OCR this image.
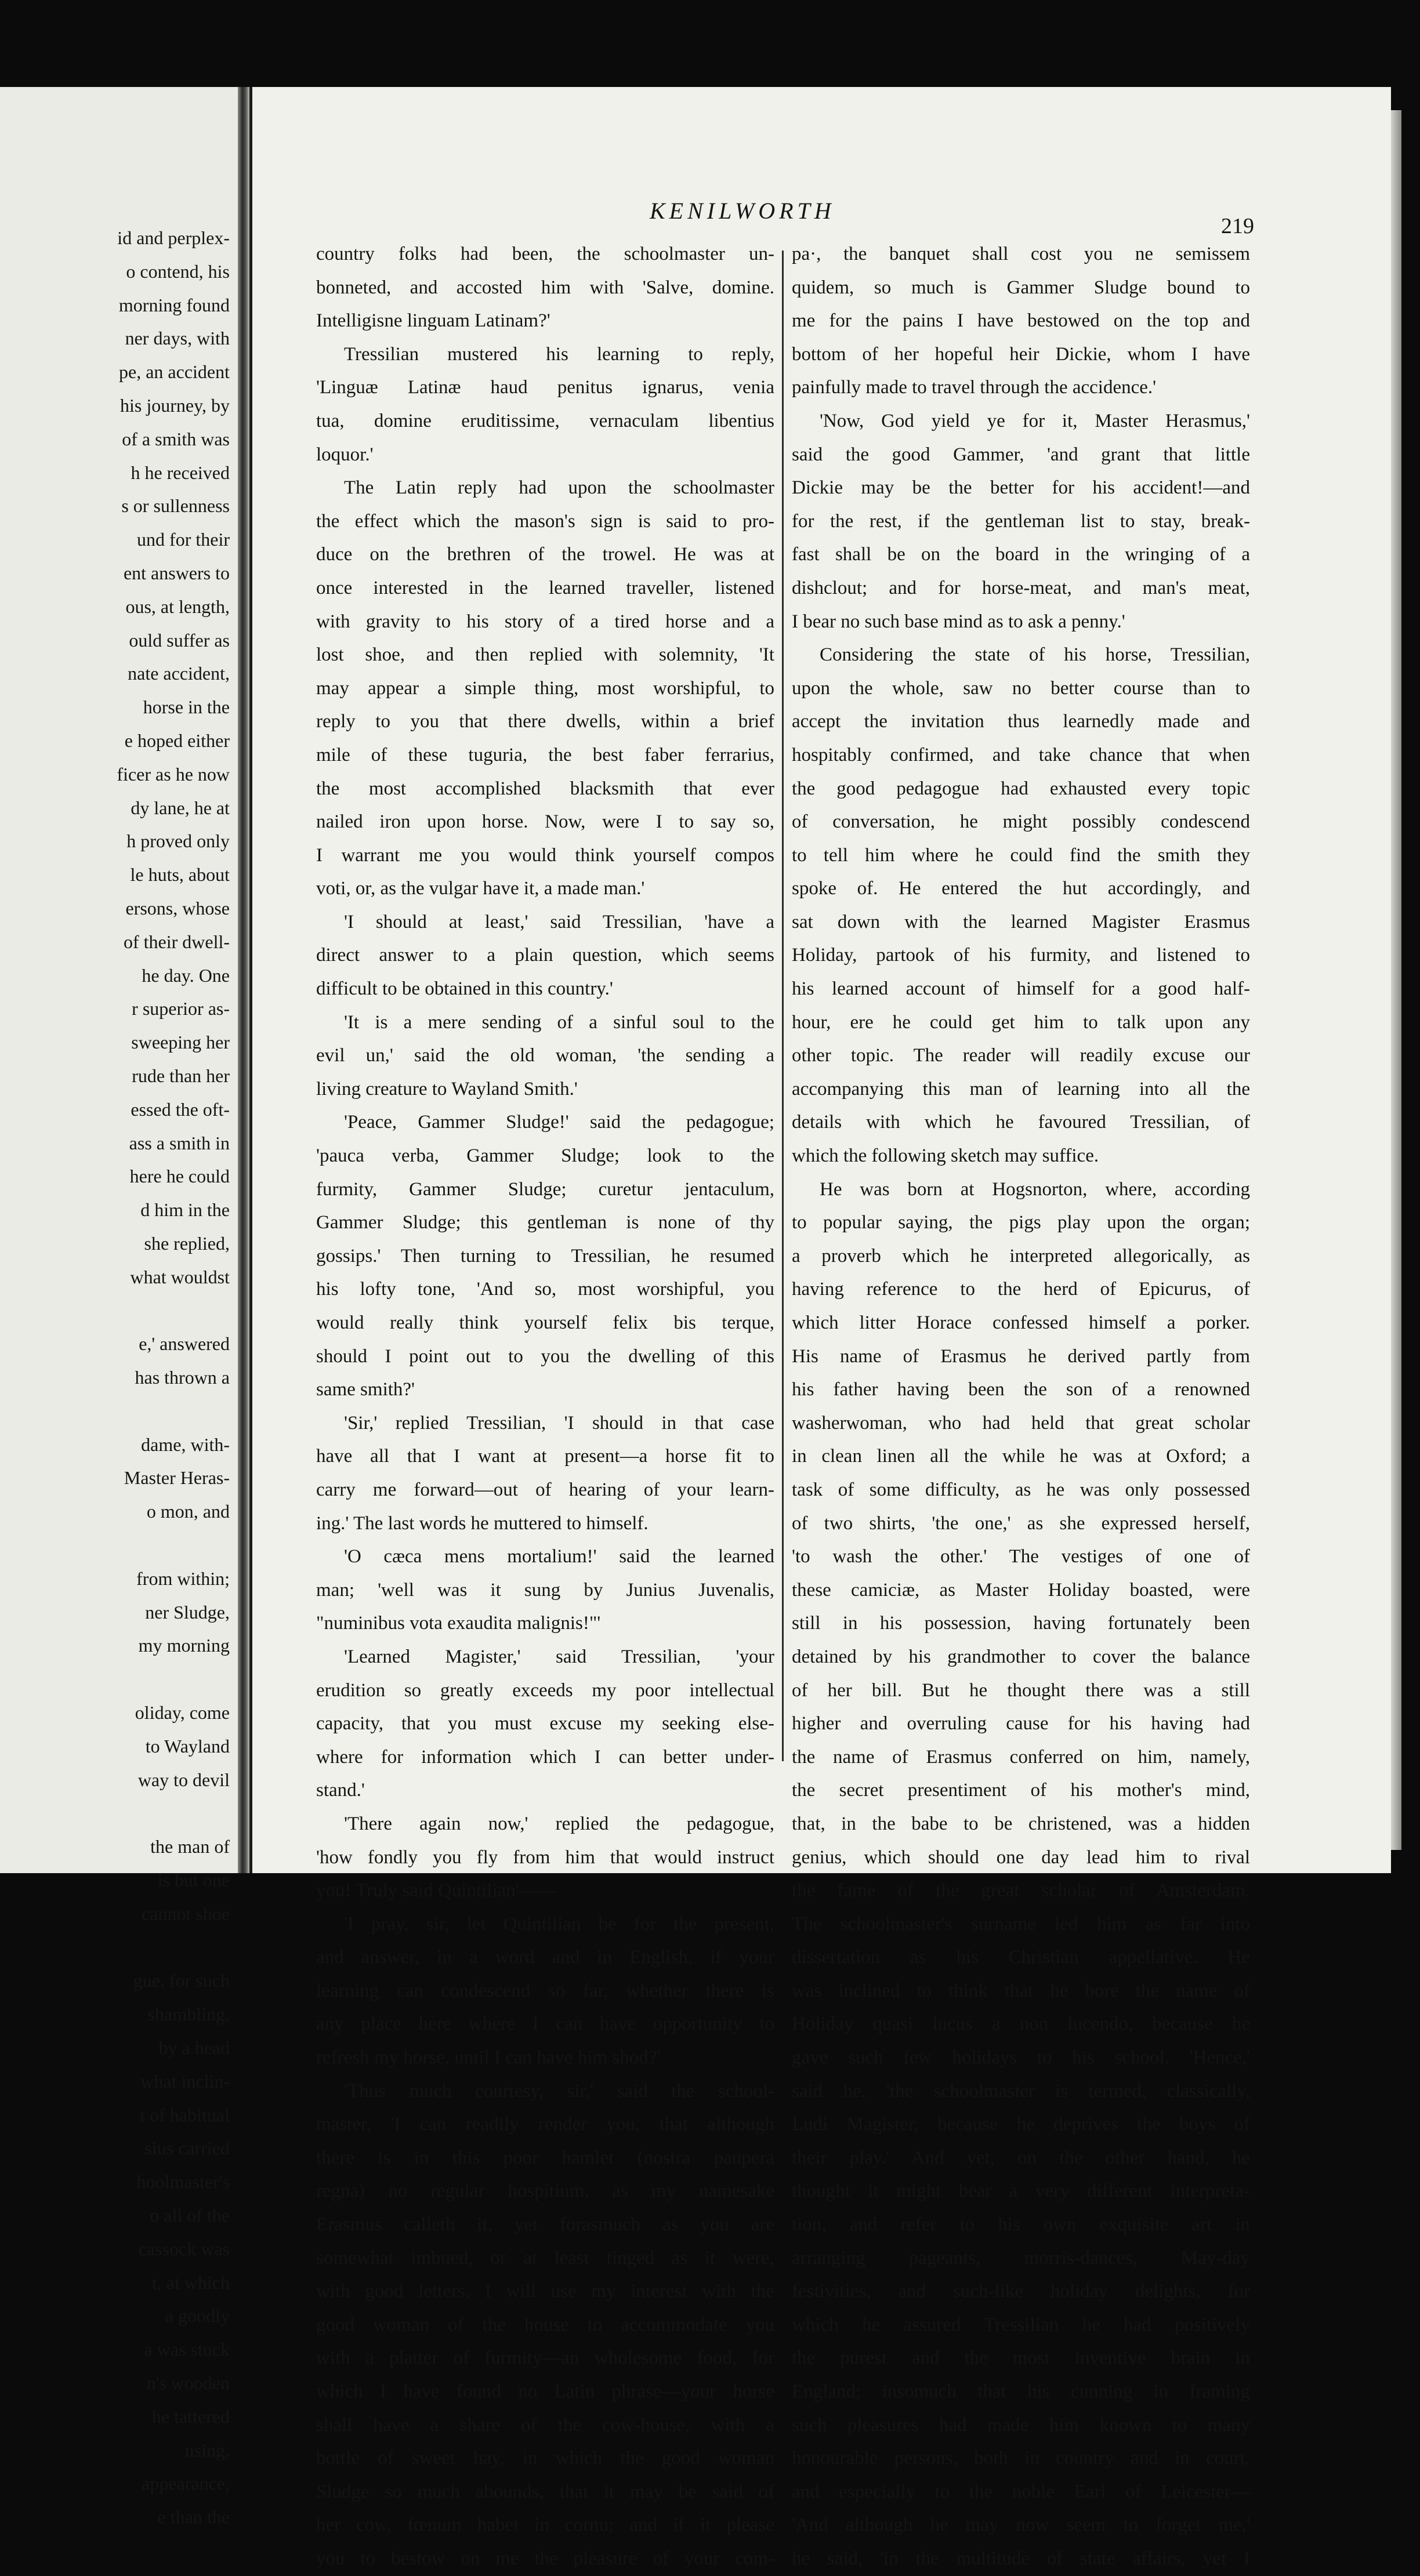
id and perplex-
o contend, his
morning found
ner days, with
pe, an accident
his journey, by
of a smith was
h he received
s or sullenness
und for their
ent answers to
ous, at length,
ould suffer as
nate accident,
horse in the
e hoped either
ficer as he now
dy lane, he at
h proved only
le huts, about
ersons, whose
of their dwell-
he day. One
r superior as-
sweeping her
rude than her
essed the oft-
ass a smith in
here he could
d him in the
she replied,
what wouldst
e,' answered
has thrown a
dame, with-
Master Heras-
o mon, and
from within;
ner Sludge,
my morning
oliday, come
to Wayland
way to devil
the man of
is but one
cannot shoe
gue, for such
shambling,
by a head
what inclin-
t of habitual
sius carried
hoolmaster's
o all of the
cassock was
t, at which
a goodly
a was stuck
n's wooden
he tattered
using.
appearance,
e than the
KENILWORTH
219
country folks had been, the schoolmaster un-
bonneted, and accosted him with 'Salve, domine.
Intelligisne linguam Latinam?'
Tressilian mustered his learning to reply,
'Linguæ Latinæ haud penitus ignarus, venia
tua, domine eruditissime, vernaculam libentius
loquor.'
The Latin reply had upon the schoolmaster
the effect which the mason's sign is said to pro-
duce on the brethren of the trowel. He was at
once interested in the learned traveller, listened
with gravity to his story of a tired horse and a
lost shoe, and then replied with solemnity, 'It
may appear a simple thing, most worshipful, to
reply to you that there dwells, within a brief
mile of these tuguria, the best faber ferrarius,
the most accomplished blacksmith that ever
nailed iron upon horse. Now, were I to say so,
I warrant me you would think yourself compos
voti, or, as the vulgar have it, a made man.'
'I should at least,' said Tressilian, 'have a
direct answer to a plain question, which seems
difficult to be obtained in this country.'
'It is a mere sending of a sinful soul to the
evil un,' said the old woman, 'the sending a
living creature to Wayland Smith.'
'Peace, Gammer Sludge!' said the pedagogue;
'pauca verba, Gammer Sludge; look to the
furmity, Gammer Sludge; curetur jentaculum,
Gammer Sludge; this gentleman is none of thy
gossips.' Then turning to Tressilian, he resumed
his lofty tone, 'And so, most worshipful, you
would really think yourself felix bis terque,
should I point out to you the dwelling of this
same smith?'
'Sir,' replied Tressilian, 'I should in that case
have all that I want at present—a horse fit to
carry me forward—out of hearing of your learn-
ing.' The last words he muttered to himself.
'O cæca mens mortalium!' said the learned
man; 'well was it sung by Junius Juvenalis,
"numinibus vota exaudita malignis!"'
'Learned Magister,' said Tressilian, 'your
erudition so greatly exceeds my poor intellectual
capacity, that you must excuse my seeking else-
where for information which I can better under-
stand.'
'There again now,' replied the pedagogue,
'how fondly you fly from him that would instruct
you! Truly said Quintilian'——
'I pray, sir, let Quintilian be for the present,
and answer, in a word and in English, if your
learning can condescend so far, whether there is
any place here where I can have opportunity to
refresh my horse, until I can have him shod?'
'Thus much courtesy, sir,' said the school-
master, 'I can readily render you, that although
there is in this poor hamlet (nostra paupera
regna) no regular hospitium, as my namesake
Erasmus calleth it, yet forasmuch as you are
somewhat imbued, or at least tinged as it were,
with good letters, I will use my interest with the
good woman of the house to accommodate you
with a platter of furmity—an wholesome food, for
which I have found no Latin phrase—your horse
shall have a share of the cow-house, with a
bottle of sweet hay, in which the good woman
Sludge so much abounds, that it may be said of
her cow, fœnum habet in cornu; and if it please
you to bestow on me the pleasure of your com-
pa·, the banquet shall cost you ne semissem
quidem, so much is Gammer Sludge bound to
me for the pains I have bestowed on the top and
bottom of her hopeful heir Dickie, whom I have
painfully made to travel through the accidence.'
'Now, God yield ye for it, Master Herasmus,'
said the good Gammer, 'and grant that little
Dickie may be the better for his accident!—and
for the rest, if the gentleman list to stay, break-
fast shall be on the board in the wringing of a
dishclout; and for horse-meat, and man's meat,
I bear no such base mind as to ask a penny.'
Considering the state of his horse, Tressilian,
upon the whole, saw no better course than to
accept the invitation thus learnedly made and
hospitably confirmed, and take chance that when
the good pedagogue had exhausted every topic
of conversation, he might possibly condescend
to tell him where he could find the smith they
spoke of. He entered the hut accordingly, and
sat down with the learned Magister Erasmus
Holiday, partook of his furmity, and listened to
his learned account of himself for a good half-
hour, ere he could get him to talk upon any
other topic. The reader will readily excuse our
accompanying this man of learning into all the
details with which he favoured Tressilian, of
which the following sketch may suffice.
He was born at Hogsnorton, where, according
to popular saying, the pigs play upon the organ;
a proverb which he interpreted allegorically, as
having reference to the herd of Epicurus, of
which litter Horace confessed himself a porker.
His name of Erasmus he derived partly from
his father having been the son of a renowned
washerwoman, who had held that great scholar
in clean linen all the while he was at Oxford; a
task of some difficulty, as he was only possessed
of two shirts, 'the one,' as she expressed herself,
'to wash the other.' The vestiges of one of
these camiciæ, as Master Holiday boasted, were
still in his possession, having fortunately been
detained by his grandmother to cover the balance
of her bill. But he thought there was a still
higher and overruling cause for his having had
the name of Erasmus conferred on him, namely,
the secret presentiment of his mother's mind,
that, in the babe to be christened, was a hidden
genius, which should one day lead him to rival
the fame of the great scholar of Amsterdam.
The schoolmaster's surname led him as far into
dissertation as his Christian appellative. He
was inclined to think that he bore the name of
Holiday quasi lucus a non lucendo, because he
gave such few holidays to his school. 'Hence,'
said he, 'the schoolmaster is termed, classically,
Ludi Magister, because he deprives the boys of
their play.' And yet, on the other hand, he
thought it might bear a very different interpreta-
tion, and refer to his own exquisite art in
arranging pageants, morris-dances, May-day
festivities, and such-like holiday delights, for
which he assured Tressilian he had positively
the purest and the most inventive brain in
England; insomuch that his cunning in framing
such pleasures had made him known to many
honourable persons, both in country and in court,
and especially to the noble Earl of Leicester—
'And although he may now seem to forget me,'
he said, 'in the multitude of state affairs, yet I
